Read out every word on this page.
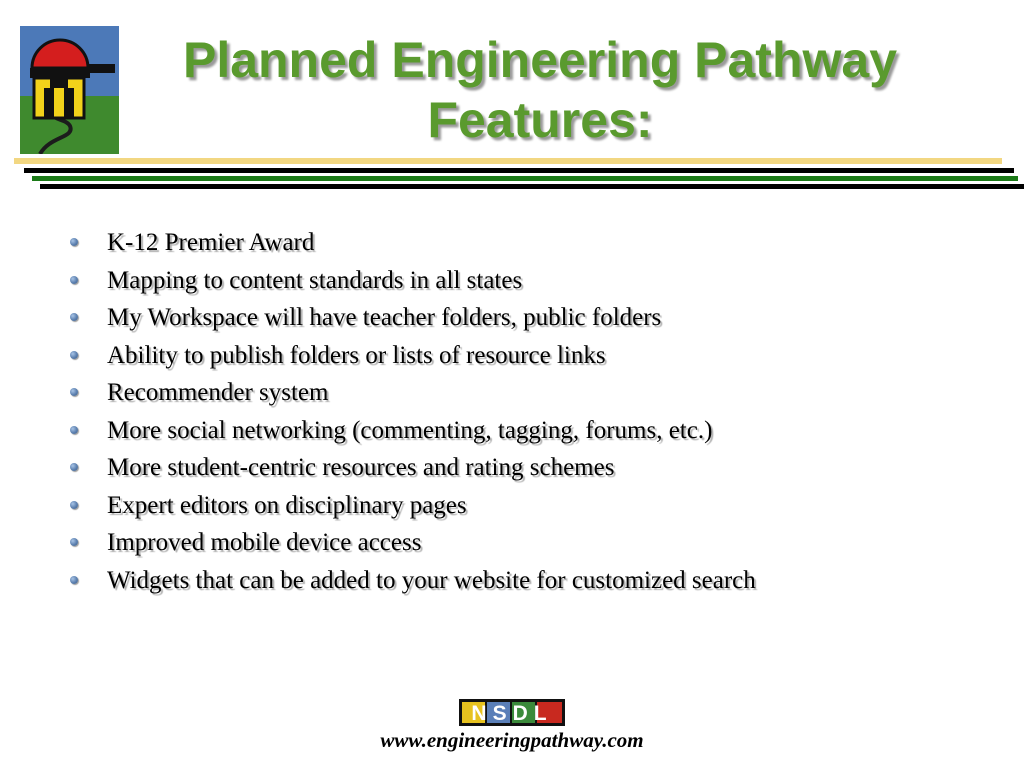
Planned Engineering Pathway Features:
K-12 Premier Award
Mapping to content standards in all states
My Workspace will have teacher folders, public folders
Ability to publish folders or lists of resource links
Recommender system
More social networking (commenting, tagging, forums, etc.)
More student-centric resources and rating schemes
Expert editors on disciplinary pages
Improved mobile device access
Widgets that can be added to your website for customized search
NSDL
www.engineeringpathway.com
